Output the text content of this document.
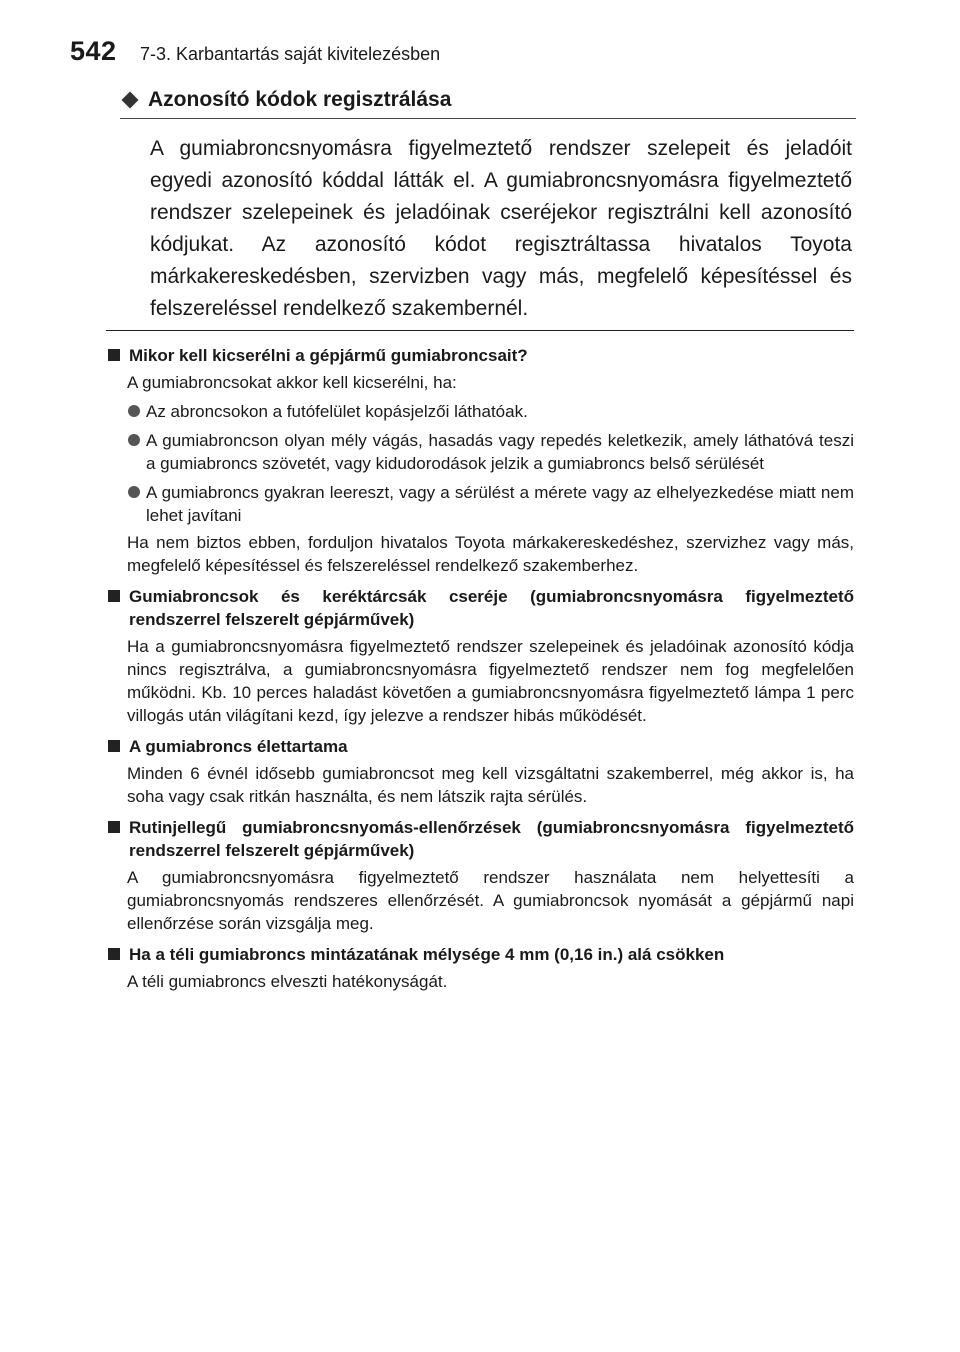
542 7-3. Karbantartás saját kivitelezésben
Azonosító kódok regisztrálása
A gumiabroncsnyomásra figyelmeztető rendszer szelepeit és jeladóit egyedi azonosító kóddal látták el. A gumiabroncsnyomásra figyelmeztető rendszer szelepeinek és jeladóinak cseréjekor regisztrálni kell azonosító kódjukat. Az azonosító kódot regisztráltassa hivatalos Toyota márkakereskedésben, szervizben vagy más, megfelelő képesítéssel és felszereléssel rendelkező szakembernél.
Mikor kell kicserélni a gépjármű gumiabroncsait?
A gumiabroncsokat akkor kell kicserélni, ha:
Az abroncsokon a futófelület kopásjelzői láthatóak.
A gumiabroncson olyan mély vágás, hasadás vagy repedés keletkezik, amely láthatóvá teszi a gumiabroncs szövetét, vagy kidudorodások jelzik a gumiabroncs belső sérülését
A gumiabroncs gyakran leereszt, vagy a sérülést a mérete vagy az elhelyezkedése miatt nem lehet javítani
Ha nem biztos ebben, forduljon hivatalos Toyota márkakereskedéshez, szervizhez vagy más, megfelelő képesítéssel és felszereléssel rendelkező szakemberhez.
Gumiabroncsok és keréktárcsák cseréje (gumiabroncsnyomásra figyelmeztető rendszerrel felszerelt gépjárművek)
Ha a gumiabroncsnyomásra figyelmeztető rendszer szelepeinek és jeladóinak azonosító kódja nincs regisztrálva, a gumiabroncsnyomásra figyelmeztető rendszer nem fog megfelelően működni. Kb. 10 perces haladást követően a gumiabroncsnyomásra figyelmeztető lámpa 1 perc villogás után világítani kezd, így jelezve a rendszer hibás működését.
A gumiabroncs élettartama
Minden 6 évnél idősebb gumiabroncsot meg kell vizsgáltatni szakemberrel, még akkor is, ha soha vagy csak ritkán használta, és nem látszik rajta sérülés.
Rutinjellegű gumiabroncsnyomás-ellenőrzések (gumiabroncsnyomásra figyelmeztető rendszerrel felszerelt gépjárművek)
A gumiabroncsnyomásra figyelmeztető rendszer használata nem helyettesíti a gumiabroncsnyomás rendszeres ellenőrzését. A gumiabroncsok nyomását a gépjármű napi ellenőrzése során vizsgálja meg.
Ha a téli gumiabroncs mintázatának mélysége 4 mm (0,16 in.) alá csökken
A téli gumiabroncs elveszti hatékonyságát.
